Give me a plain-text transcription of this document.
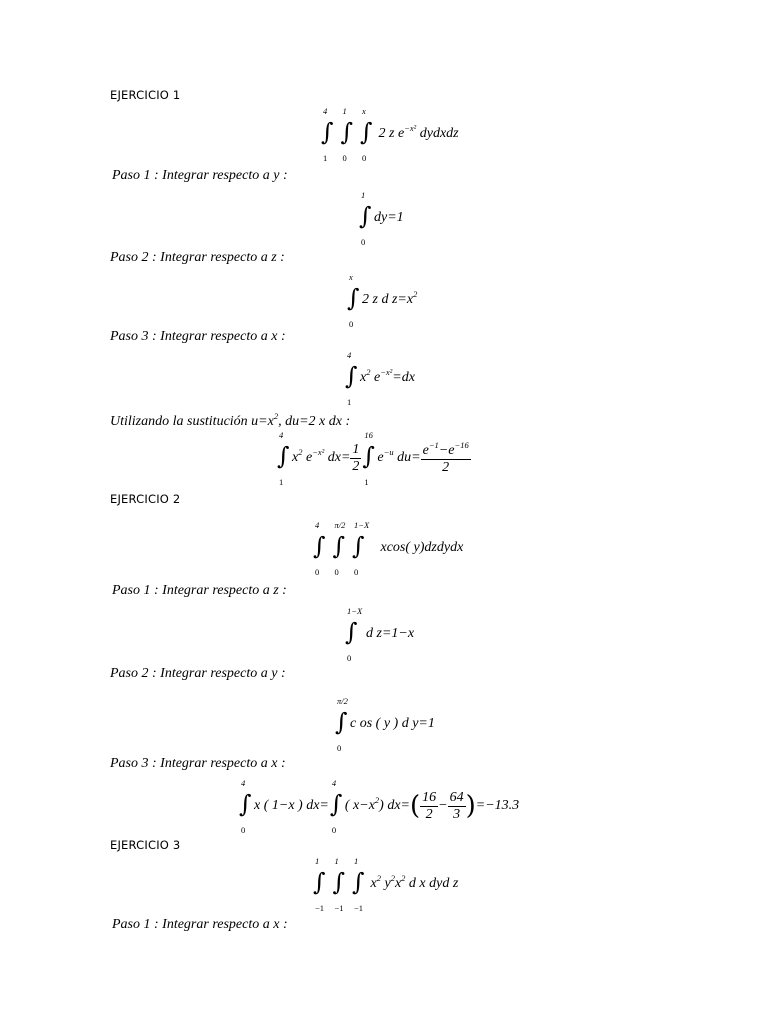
EJERCICIO 1
4
∫
1

1
∫
0

x
∫
0
2 z $e^{-x^2}$ dydxdz
Paso 1 : Integrar respecto a y :
1
∫
0
dy=1
Paso 2 : Integrar respecto a z :
x
∫
0
2 z d $z=x^2$
Paso 3 : Integrar respecto a x :
4
∫
1
$x^2$ $e^{-x^2}=dx$
Utilizando la sustitución $u=x^2$, du=2 x dx :
4
∫
1
$x^2$ $e^{-x^2}$ $dx= \frac{1}{2}$
16
∫
1
$e^{-u}$ $du= \frac{e^{-1}-e^{-16}}{2}$
EJERCICIO 2
4
∫
0

π/2
∫
0

1−X
∫
0
xcos( y)dzdydx
Paso 1 : Integrar respecto a z :
1−X
∫
0
d z=1−x
Paso 2 : Integrar respecto a y :
π/2
∫
0
c os ( y ) d y=1
Paso 3 : Integrar respecto a x :
4
∫
0
x ( 1−x ) dx=
4
∫
0
( $x-x^2$) $dx=( \frac{16}{2} - \frac{64}{3} )=-13.3$
EJERCICIO 3
1
∫
−1

1
∫
−1

1
∫
−1
$x^2$ $y^2x^2$ d x dyd z
Paso 1 : Integrar respecto a x :
